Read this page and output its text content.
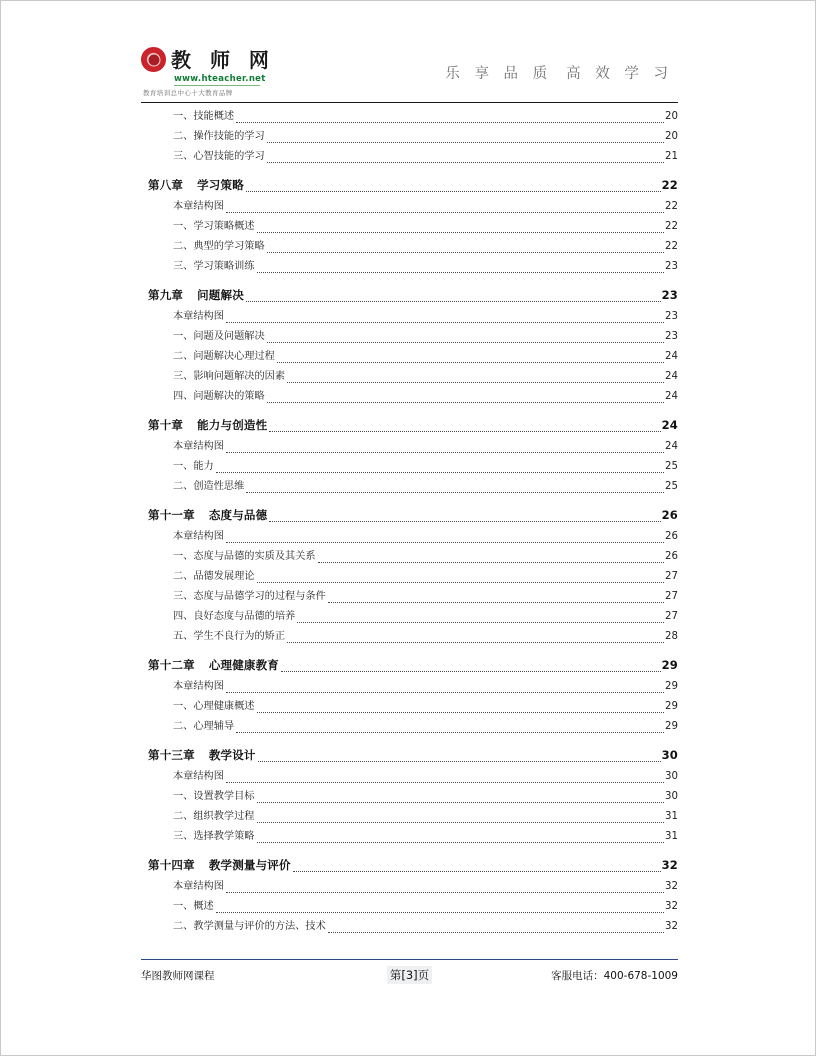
教 师 网
www.hteacher.net
教育培训总中心十大教育品牌
乐 享 品 质 高 效 学 习
一、技能概述	20
二、操作技能的学习	20
三、心智技能的学习	21
第八章 学习策略	22
本章结构图	22
一、学习策略概述	22
二、典型的学习策略	22
三、学习策略训练	23
第九章 问题解决	23
本章结构图	23
一、问题及问题解决	23
二、问题解决心理过程	24
三、影响问题解决的因素	24
四、问题解决的策略	24
第十章 能力与创造性	24
本章结构图	24
一、能力	25
二、创造性思维	25
第十一章 态度与品德	26
本章结构图	26
一、态度与品德的实质及其关系	26
二、品德发展理论	27
三、态度与品德学习的过程与条件	27
四、良好态度与品德的培养	27
五、学生不良行为的矫正	28
第十二章 心理健康教育	29
本章结构图	29
一、心理健康概述	29
二、心理辅导	29
第十三章 教学设计	30
本章结构图	30
一、设置教学目标	30
二、组织教学过程	31
三、选择教学策略	31
第十四章 教学测量与评价	32
本章结构图	32
一、概述	32
二、教学测量与评价的方法、技术	32
华图教师网课程	第[3]页	客服电话：400-678-1009
